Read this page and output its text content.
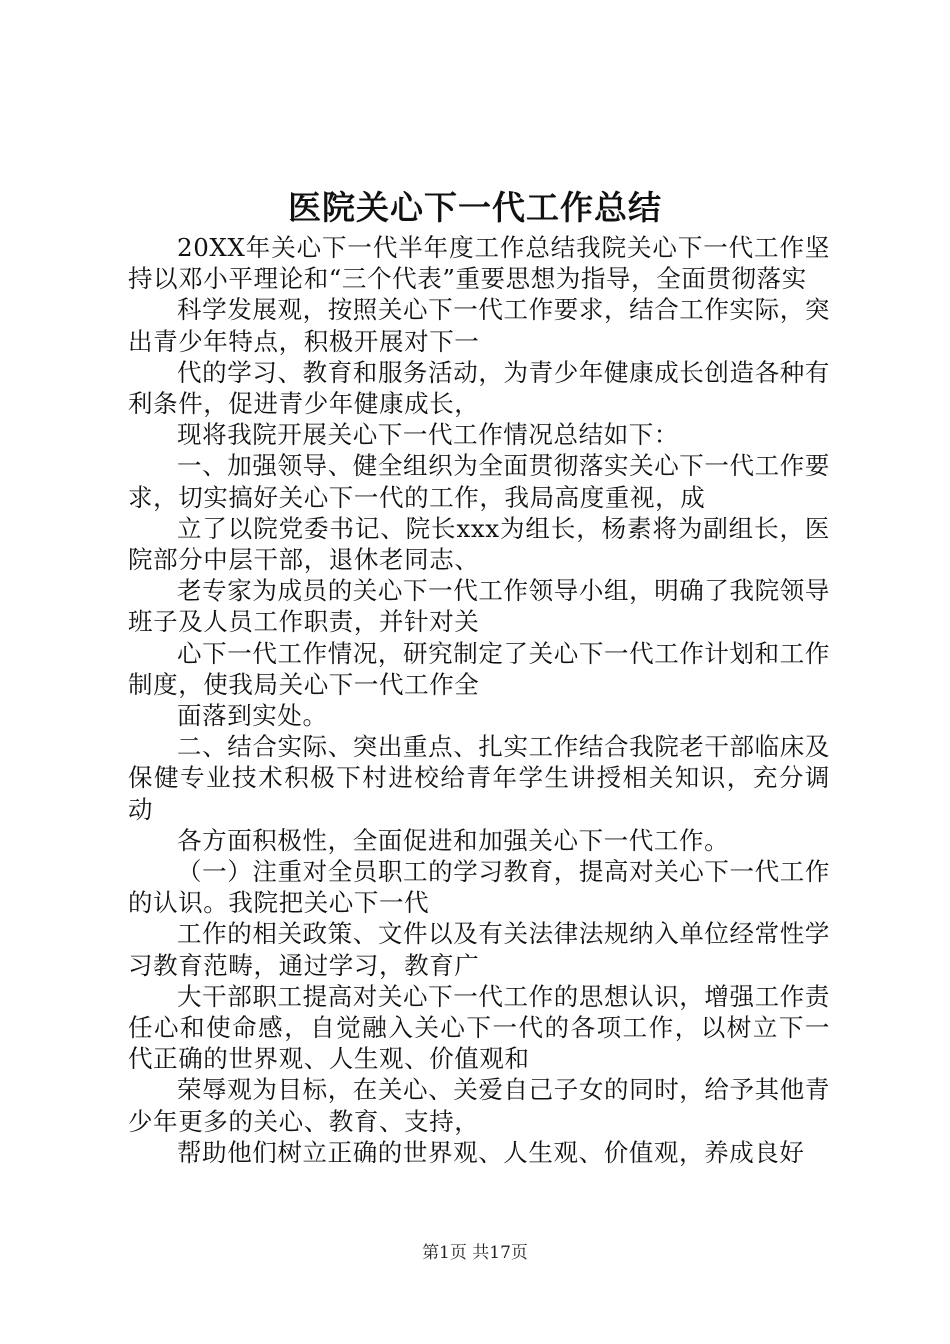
医院关心下一代工作总结

20XX年关心下一代半年度工作总结我院关心下一代工作坚持以邓小平理论和“三个代表”重要思想为指导，全面贯彻落实

科学发展观，按照关心下一代工作要求，结合工作实际，突出青少年特点，积极开展对下一

代的学习、教育和服务活动，为青少年健康成长创造各种有利条件，促进青少年健康成长，

现将我院开展关心下一代工作情况总结如下：

一、加强领导、健全组织为全面贯彻落实关心下一代工作要求，切实搞好关心下一代的工作，我局高度重视，成

立了以院党委书记、院长xxx为组长，杨素将为副组长，医院部分中层干部，退休老同志、

老专家为成员的关心下一代工作领导小组，明确了我院领导班子及人员工作职责，并针对关

心下一代工作情况，研究制定了关心下一代工作计划和工作制度，使我局关心下一代工作全

面落到实处。

二、结合实际、突出重点、扎实工作结合我院老干部临床及保健专业技术积极下村进校给青年学生讲授相关知识，充分调动

各方面积极性，全面促进和加强关心下一代工作。

（一）注重对全员职工的学习教育，提高对关心下一代工作的认识。我院把关心下一代

工作的相关政策、文件以及有关法律法规纳入单位经常性学习教育范畴，通过学习，教育广

大干部职工提高对关心下一代工作的思想认识，增强工作责任心和使命感，自觉融入关心下一代的各项工作，以树立下一代正确的世界观、人生观、价值观和

荣辱观为目标，在关心、关爱自己子女的同时，给予其他青少年更多的关心、教育、支持，

帮助他们树立正确的世界观、人生观、价值观，养成良好

第1页 共17页
